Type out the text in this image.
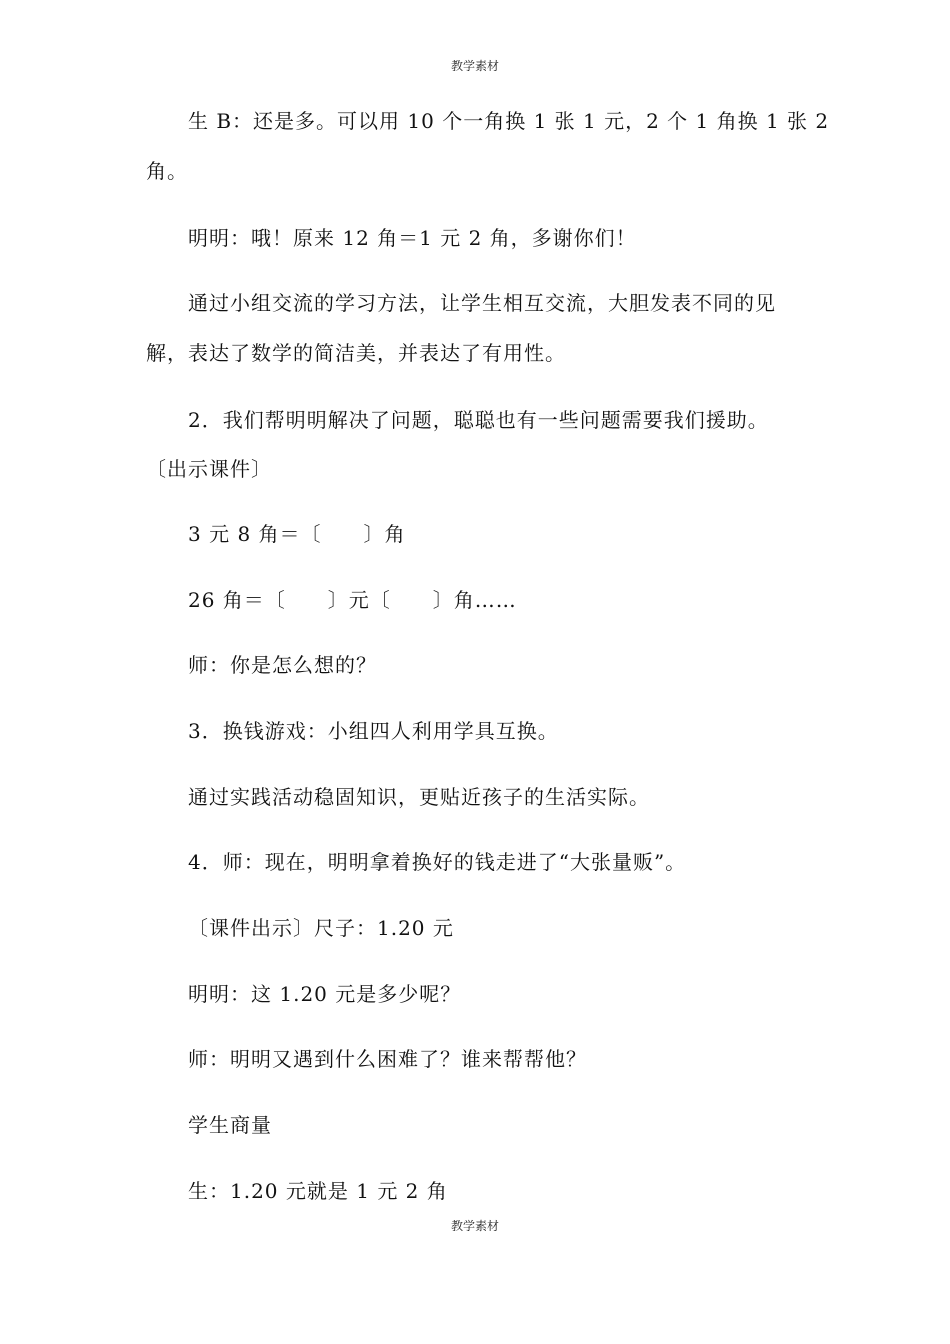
教学素材
生 B：还是多。可以用 10 个一角换 1 张 1 元，2 个 1 角换 1 张 2
角。
明明：哦！原来 12 角＝1 元 2 角，多谢你们！
通过小组交流的学习方法，让学生相互交流，大胆发表不同的见
解，表达了数学的简洁美，并表达了有用性。
2．我们帮明明解决了问题，聪聪也有一些问题需要我们援助。
〔出示课件〕
3 元 8 角＝〔　　〕角
26 角＝〔　　〕元〔　　〕角……
师：你是怎么想的？
3．换钱游戏：小组四人利用学具互换。
通过实践活动稳固知识，更贴近孩子的生活实际。
4．师：现在，明明拿着换好的钱走进了“大张量贩”。
〔课件出示〕尺子：1.20 元
明明：这 1.20 元是多少呢？
师：明明又遇到什么困难了？谁来帮帮他？
学生商量
生：1.20 元就是 1 元 2 角
教学素材
